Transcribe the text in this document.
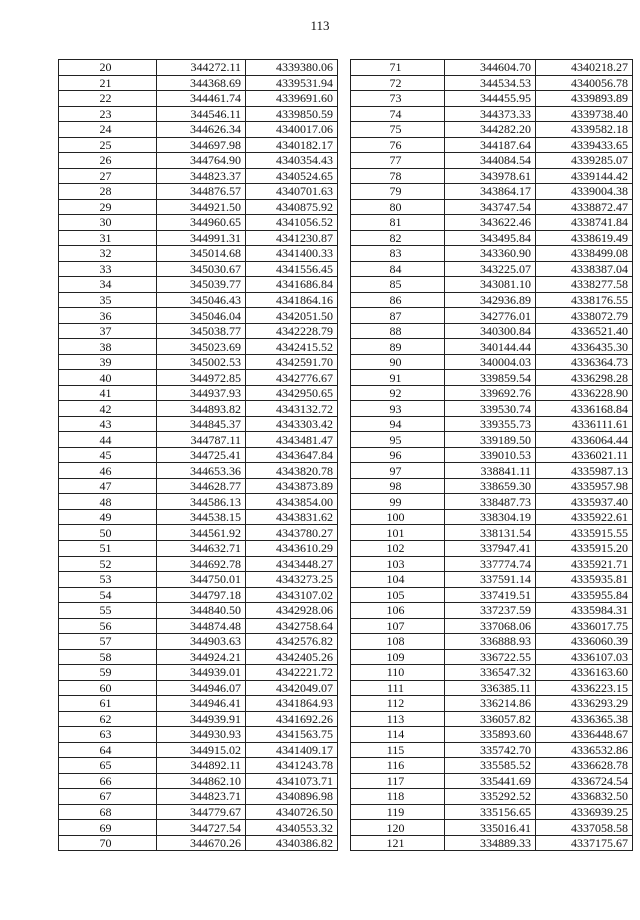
113
20	344272.11	4339380.06
21	344368.69	4339531.94
22	344461.74	4339691.60
23	344546.11	4339850.59
24	344626.34	4340017.06
25	344697.98	4340182.17
26	344764.90	4340354.43
27	344823.37	4340524.65
28	344876.57	4340701.63
29	344921.50	4340875.92
30	344960.65	4341056.52
31	344991.31	4341230.87
32	345014.68	4341400.33
33	345030.67	4341556.45
34	345039.77	4341686.84
35	345046.43	4341864.16
36	345046.04	4342051.50
37	345038.77	4342228.79
38	345023.69	4342415.52
39	345002.53	4342591.70
40	344972.85	4342776.67
41	344937.93	4342950.65
42	344893.82	4343132.72
43	344845.37	4343303.42
44	344787.11	4343481.47
45	344725.41	4343647.84
46	344653.36	4343820.78
47	344628.77	4343873.89
48	344586.13	4343854.00
49	344538.15	4343831.62
50	344561.92	4343780.27
51	344632.71	4343610.29
52	344692.78	4343448.27
53	344750.01	4343273.25
54	344797.18	4343107.02
55	344840.50	4342928.06
56	344874.48	4342758.64
57	344903.63	4342576.82
58	344924.21	4342405.26
59	344939.01	4342221.72
60	344946.07	4342049.07
61	344946.41	4341864.93
62	344939.91	4341692.26
63	344930.93	4341563.75
64	344915.02	4341409.17
65	344892.11	4341243.78
66	344862.10	4341073.71
67	344823.71	4340896.98
68	344779.67	4340726.50
69	344727.54	4340553.32
70	344670.26	4340386.82
71	344604.70	4340218.27
72	344534.53	4340056.78
73	344455.95	4339893.89
74	344373.33	4339738.40
75	344282.20	4339582.18
76	344187.64	4339433.65
77	344084.54	4339285.07
78	343978.61	4339144.42
79	343864.17	4339004.38
80	343747.54	4338872.47
81	343622.46	4338741.84
82	343495.84	4338619.49
83	343360.90	4338499.08
84	343225.07	4338387.04
85	343081.10	4338277.58
86	342936.89	4338176.55
87	342776.01	4338072.79
88	340300.84	4336521.40
89	340144.44	4336435.30
90	340004.03	4336364.73
91	339859.54	4336298.28
92	339692.76	4336228.90
93	339530.74	4336168.84
94	339355.73	4336111.61
95	339189.50	4336064.44
96	339010.53	4336021.11
97	338841.11	4335987.13
98	338659.30	4335957.98
99	338487.73	4335937.40
100	338304.19	4335922.61
101	338131.54	4335915.55
102	337947.41	4335915.20
103	337774.74	4335921.71
104	337591.14	4335935.81
105	337419.51	4335955.84
106	337237.59	4335984.31
107	337068.06	4336017.75
108	336888.93	4336060.39
109	336722.55	4336107.03
110	336547.32	4336163.60
111	336385.11	4336223.15
112	336214.86	4336293.29
113	336057.82	4336365.38
114	335893.60	4336448.67
115	335742.70	4336532.86
116	335585.52	4336628.78
117	335441.69	4336724.54
118	335292.52	4336832.50
119	335156.65	4336939.25
120	335016.41	4337058.58
121	334889.33	4337175.67
